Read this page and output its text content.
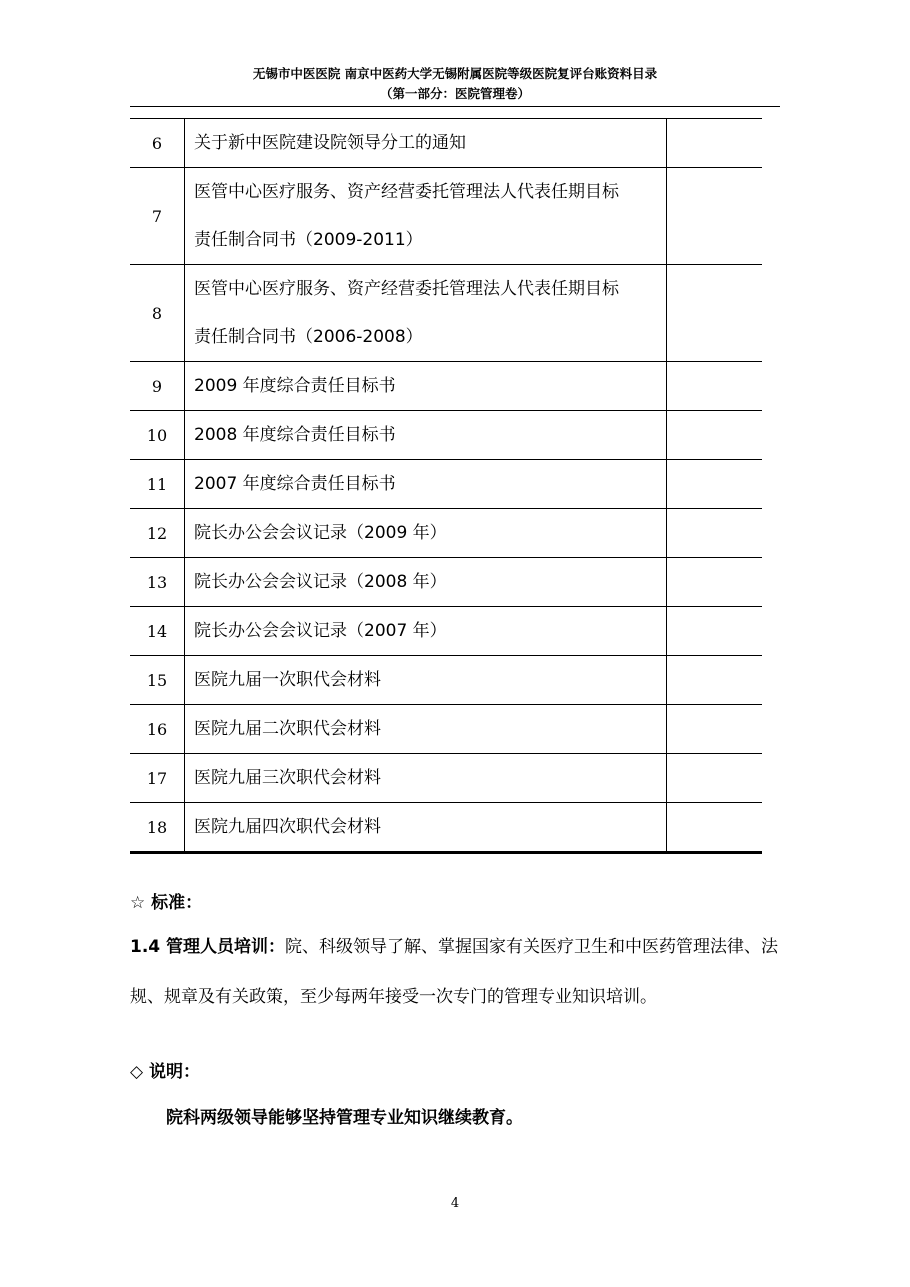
无锡市中医医院 南京中医药大学无锡附属医院等级医院复评台账资料目录
（第一部分：医院管理卷）
6	关于新中医院建设院领导分工的通知	

7	医管中心医疗服务、资产经营委托管理法人代表任期目标
责任制合同书（2009-2011）	

8	医管中心医疗服务、资产经营委托管理法人代表任期目标
责任制合同书（2006-2008）	

9	2009 年度综合责任目标书	

10	2008 年度综合责任目标书	

11	2007 年度综合责任目标书	

12	院长办公会会议记录（2009 年）	

13	院长办公会会议记录（2008 年）	

14	院长办公会会议记录（2007 年）	

15	医院九届一次职代会材料	

16	医院九届二次职代会材料	

17	医院九届三次职代会材料	

18	医院九届四次职代会材料	

☆ 标准：
1.4 管理人员培训：院、科级领导了解、掌握国家有关医疗卫生和中医药管理法律、法规、规章及有关政策，至少每两年接受一次专门的管理专业知识培训。
◇ 说明：
院科两级领导能够坚持管理专业知识继续教育。
4
